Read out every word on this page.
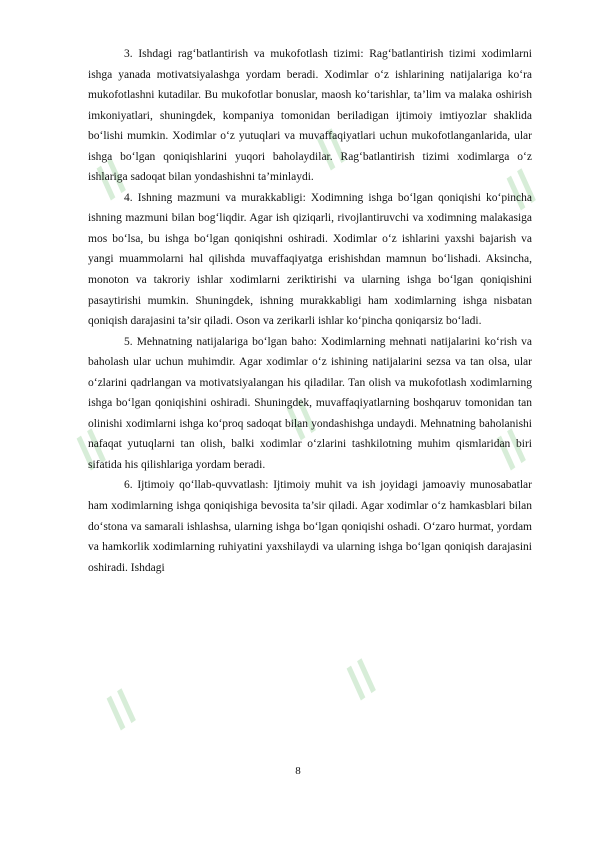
//
//
//
//
//
//
//
//

3. Ishdagi rag‘batlantirish va mukofotlash tizimi: Rag‘batlantirish tizimi xodimlarni ishga yanada motivatsiyalashga yordam beradi. Xodimlar o‘z ishlarining natijalariga ko‘ra mukofotlashni kutadilar. Bu mukofotlar bonuslar, maosh ko‘tarishlar, ta’lim va malaka oshirish imkoniyatlari, shuningdek, kompaniya tomonidan beriladigan ijtimoiy imtiyozlar shaklida bo‘lishi mumkin. Xodimlar o‘z yutuqlari va muvaffaqiyatlari uchun mukofotlanganlarida, ular ishga bo‘lgan qoniqishlarini yuqori baholaydilar. Rag‘batlantirish tizimi xodimlarga o‘z ishlariga sadoqat bilan yondashishni ta’minlaydi.

4. Ishning mazmuni va murakkabligi: Xodimning ishga bo‘lgan qoniqishi ko‘pincha ishning mazmuni bilan bog‘liqdir. Agar ish qiziqarli, rivojlantiruvchi va xodimning malakasiga mos bo‘lsa, bu ishga bo‘lgan qoniqishni oshiradi. Xodimlar o‘z ishlarini yaxshi bajarish va yangi muammolarni hal qilishda muvaffaqiyatga erishishdan mamnun bo‘lishadi. Aksincha, monoton va takroriy ishlar xodimlarni zeriktirishi va ularning ishga bo‘lgan qoniqishini pasaytirishi mumkin. Shuningdek, ishning murakkabligi ham xodimlarning ishga nisbatan qoniqish darajasini ta’sir qiladi. Oson va zerikarli ishlar ko‘pincha qoniqarsiz bo‘ladi.

5. Mehnatning natijalariga bo‘lgan baho: Xodimlarning mehnati natijalarini ko‘rish va baholash ular uchun muhimdir. Agar xodimlar o‘z ishining natijalarini sezsa va tan olsa, ular o‘zlarini qadrlangan va motivatsiyalangan his qiladilar. Tan olish va mukofotlash xodimlarning ishga bo‘lgan qoniqishini oshiradi. Shuningdek, muvaffaqiyatlarning boshqaruv tomonidan tan olinishi xodimlarni ishga ko‘proq sadoqat bilan yondashishga undaydi. Mehnatning baholanishi nafaqat yutuqlarni tan olish, balki xodimlar o‘zlarini tashkilotning muhim qismlaridan biri sifatida his qilishlariga yordam beradi.

6. Ijtimoiy qo‘llab-quvvatlash: Ijtimoiy muhit va ish joyidagi jamoaviy munosabatlar ham xodimlarning ishga qoniqishiga bevosita ta’sir qiladi. Agar xodimlar o‘z hamkasblari bilan do‘stona va samarali ishlashsa, ularning ishga bo‘lgan qoniqishi oshadi. O‘zaro hurmat, yordam va hamkorlik xodimlarning ruhiyatini yaxshilaydi va ularning ishga bo‘lgan qoniqish darajasini oshiradi. Ishdagi

8
